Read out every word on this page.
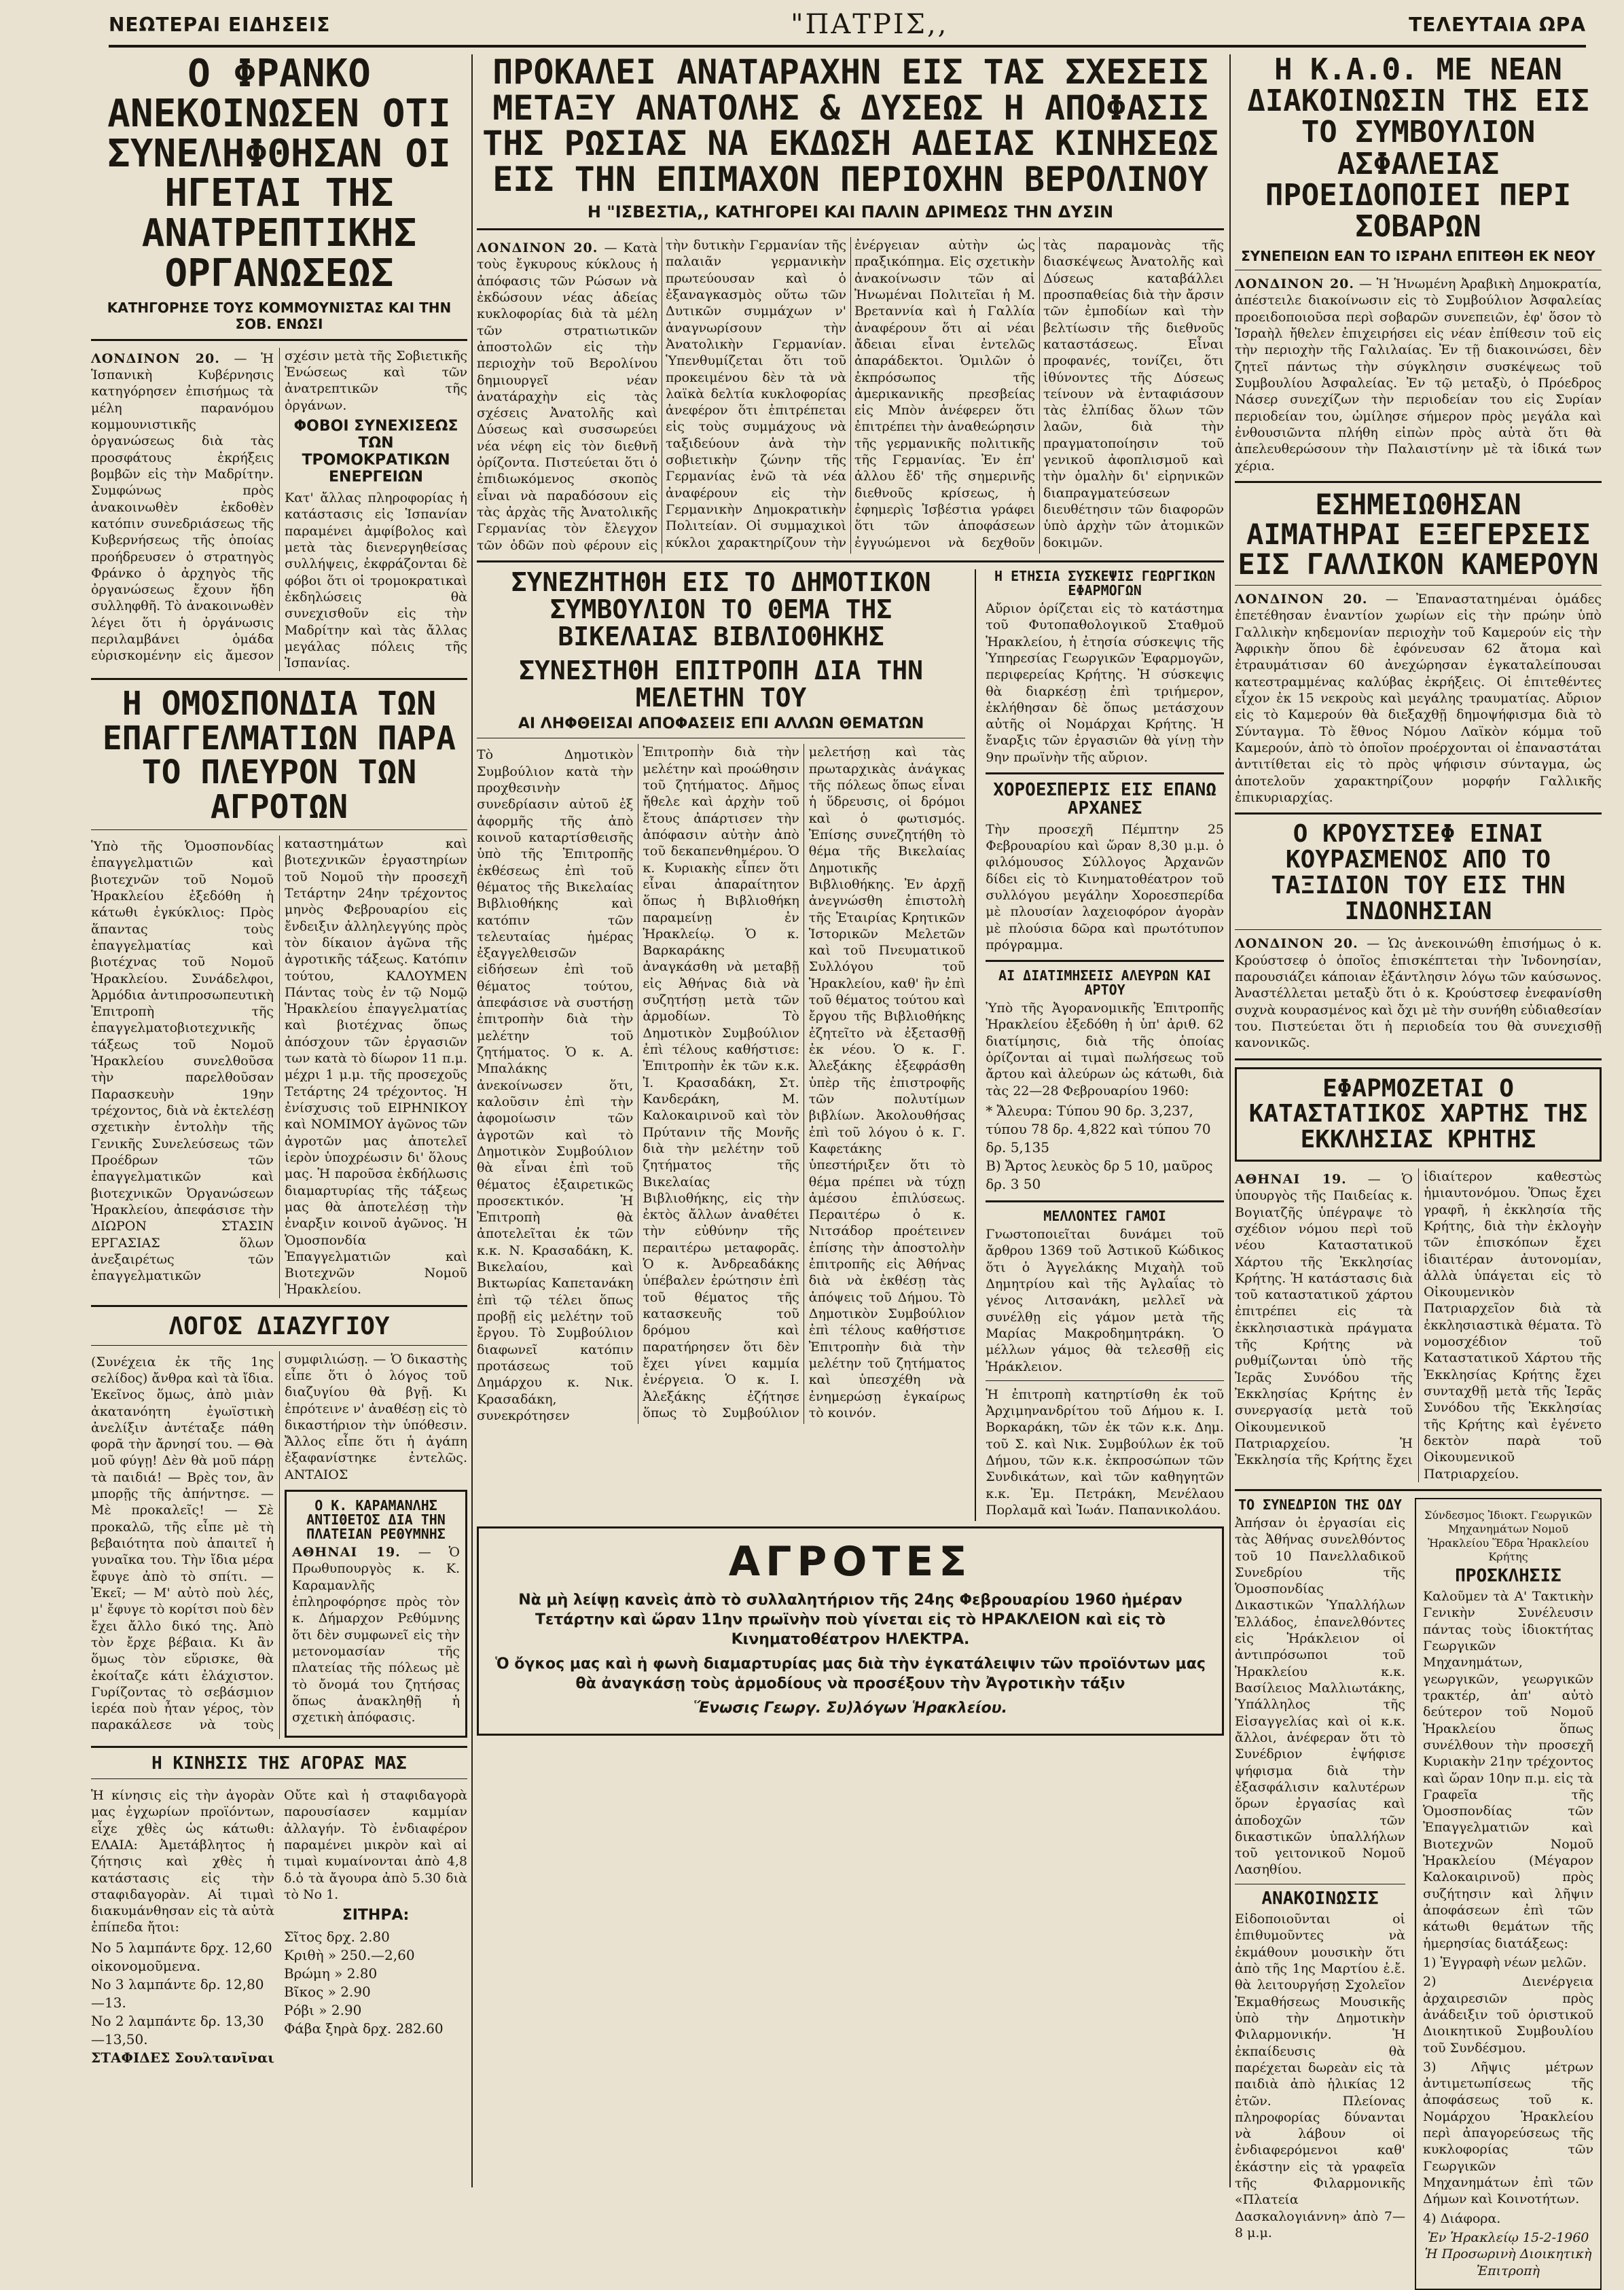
ΝΕΩΤΕΡΑΙ ΕΙΔΗΣΕΙΣ	"ΠΑΤΡΙΣ,,	ΤΕΛΕΥΤΑΙΑ ΩΡΑ
Ο ΦΡΑΝΚΟ ΑΝΕΚΟΙΝΩΣΕΝ ΟΤΙ ΣΥΝΕΛΗΦΘΗΣΑΝ ΟΙ ΗΓΕΤΑΙ ΤΗΣ ΑΝΑΤΡΕΠΤΙΚΗΣ ΟΡΓΑΝΩΣΕΩΣ
ΚΑΤΗΓΟΡΗΣΕ ΤΟΥΣ ΚΟΜΜΟΥΝΙΣΤΑΣ ΚΑΙ ΤΗΝ ΣΟΒ. ΕΝΩΣΙ

ΛΟΝΔΙΝΟΝ 20. — Ἡ Ἱσπανικὴ Κυβέρνησις κατηγόρησεν ἐπισήμως τὰ μέλη παρανόμου κομμουνιστικῆς ὀργανώσεως διὰ τὰς προσφάτους ἐκρήξεις βομβῶν εἰς τὴν Μαδρίτην. Συμφώνως πρὸς ἀνακοινωθὲν ἐκδοθὲν κατόπιν συνεδριάσεως τῆς Κυβερνήσεως τῆς ὁποίας προήδρευσεν ὁ στρατηγὸς Φράνκο ὁ ἀρχηγὸς τῆς ὀργανώσεως ἔχουν ἤδη συλληφθῆ. Τὸ ἀνακοινωθὲν λέγει ὅτι ἡ ὀργάνωσις περιλαμβάνει ὁμάδα εὑρισκομένην εἰς ἄμεσον σχέσιν μετὰ τῆς Σοβιετικῆς Ἑνώσεως καὶ τῶν ἀνατρεπτικῶν τῆς ὀργάνων.

ΦΟΒΟΙ ΣΥΝΕΧΙΣΕΩΣ ΤΩΝ ΤΡΟΜΟΚΡΑΤΙΚΩΝ ΕΝΕΡΓΕΙΩΝ

Κατ' ἄλλας πληροφορίας ἡ κατάστασις εἰς Ἱσπανίαν παραμένει ἀμφίβολος καὶ μετὰ τὰς διενεργηθείσας συλλήψεις, ἐκφράζονται δὲ φόβοι ὅτι οἱ τρομοκρατικαὶ ἐκδηλώσεις θὰ συνεχισθοῦν εἰς τὴν Μαδρίτην καὶ τὰς ἄλλας μεγάλας πόλεις τῆς Ἱσπανίας.

Η ΟΜΟΣΠΟΝΔΙΑ ΤΩΝ ΕΠΑΓΓΕΛΜΑΤΙΩΝ ΠΑΡΑ ΤΟ ΠΛΕΥΡΟΝ ΤΩΝ ΑΓΡΟΤΩΝ

Ὑπὸ τῆς Ὁμοσπονδίας ἐπαγγελματιῶν καὶ βιοτεχνῶν τοῦ Νομοῦ Ἡρακλείου ἐξεδόθη ἡ κάτωθι ἐγκύκλιος: Πρὸς ἅπαντας τοὺς ἐπαγγελματίας καὶ βιοτέχνας τοῦ Νομοῦ Ἡρακλείου. Συνάδελφοι, Ἁρμόδια ἀντιπροσωπευτικὴ Ἐπιτροπὴ τῆς ἐπαγγελματοβιοτεχνικῆς τάξεως τοῦ Νομοῦ Ἡρακλείου συνελθοῦσα τὴν παρελθοῦσαν Παρασκευὴν 19ην τρέχοντος, διὰ νὰ ἐκτελέσῃ σχετικὴν ἐντολὴν τῆς Γενικῆς Συνελεύσεως τῶν Προέδρων τῶν ἐπαγγελματικῶν καὶ βιοτεχνικῶν Ὀργανώσεων Ἡρακλείου, ἀπεφάσισε τὴν ΔΙΩΡΟΝ ΣΤΑΣΙΝ ΕΡΓΑΣΙΑΣ ὅλων ἀνεξαιρέτως τῶν ἐπαγγελματικῶν καταστημάτων καὶ βιοτεχνικῶν ἐργαστηρίων τοῦ Νομοῦ τὴν προσεχῆ Τετάρτην 24ην τρέχοντος μηνὸς Φεβρουαρίου εἰς ἔνδειξιν ἀλληλεγγύης πρὸς τὸν δίκαιον ἀγῶνα τῆς ἀγροτικῆς τάξεως. Κατόπιν τούτου, ΚΑΛΟΥΜΕΝ Πάντας τοὺς ἐν τῷ Νομῷ Ἡρακλείου ἐπαγγελματίας καὶ βιοτέχνας ὅπως ἀπόσχουν τῶν ἐργασιῶν των κατὰ τὸ δίωρον 11 π.μ. μέχρι 1 μ.μ. τῆς προσεχοῦς Τετάρτης 24 τρέχοντος. Ἡ ἐνίσχυσις τοῦ ΕΙΡΗΝΙΚΟΥ καὶ ΝΟΜΙΜΟΥ ἀγῶνος τῶν ἀγροτῶν μας ἀποτελεῖ ἱερὸν ὑποχρέωσιν δι' ὅλους μας. Ἡ παροῦσα ἐκδήλωσις διαμαρτυρίας τῆς τάξεως μας θὰ ἀποτελέσῃ τὴν ἐναρξιν κοινοῦ ἀγῶνος. Ἡ Ὁμοσπονδία Ἐπαγγελματιῶν καὶ Βιοτεχνῶν Νομοῦ Ἡρακλείου.

ΛΟΓΟΣ ΔΙΑΖΥΓΙΟΥ

(Συνέχεια ἐκ τῆς 1ης σελίδος) ἄνθρα καὶ τὰ ἴδια. Ἐκεῖνος ὅμως, ἀπὸ μιὰν ἀκατανόητη ἐγωϊστικὴ ἀνελίξιν ἀντέταξε πάθη φορᾶ τὴν ἄρνησί του. — Θὰ μοῦ φύγῃ! Δὲν θὰ μοῦ πάρῃ τὰ παιδιά! — Βρὲς τον, ἂν μπορῇς τῆς ἀπήντησε. — Μὲ προκαλεῖς! — Σὲ προκαλῶ, τῆς εἶπε μὲ τὴ βεβαιότητα ποὺ ἀπαιτεῖ ἡ γυναῖκα του. Τὴν ἴδια μέρα ἔφυγε ἀπὸ τὸ σπίτι. — Ἐκεῖ; — Μ' αὐτὸ ποὺ λές, μ' ἔφυγε τὸ κορίτσι ποὺ δὲν ἔχει ἄλλο δικό της. Ἀπὸ τὸν ἔρχε βέβαια. Κι ἂν ὅμως τὸν εὕρισκε, θὰ ἐκοίταζε κάτι ἐλάχιστον. Γυρίζοντας τὸ σεβάσμιον ἱερέα ποὺ ἦταν γέρος, τὸν παρακάλεσε νὰ τοὺς συμφιλιώσῃ. — Ὁ δικαστὴς εἶπε ὅτι ὁ λόγος τοῦ διαζυγίου θὰ βγῇ. Κι ἐπρότεινε ν' ἀναθέσῃ εἰς τὸ δικαστήριον τὴν ὑπόθεσιν. Ἄλλος εἶπε ὅτι ἡ ἀγάπη ἐξαφανίστηκε ἐντελῶς. ΑΝΤΑΙΟΣ

Ο Κ. ΚΑΡΑΜΑΝΛΗΣ ΑΝΤΙΘΕΤΟΣ ΔΙΑ ΤΗΝ ΠΛΑΤΕΙΑΝ ΡΕΘΥΜΝΗΣ

ΑΘΗΝΑΙ 19. — Ὁ Πρωθυπουργὸς κ. Κ. Καραμανλῆς ἐπληροφόρησε πρὸς τὸν κ. Δήμαρχον Ρεθύμνης ὅτι δὲν συμφωνεῖ εἰς τὴν μετονομασίαν τῆς πλατείας τῆς πόλεως μὲ τὸ ὄνομά του ζητήσας ὅπως ἀνακληθῇ ἡ σχετικὴ ἀπόφασις.

Η ΚΙΝΗΣΙΣ ΤΗΣ ΑΓΟΡΑΣ ΜΑΣ

Ἡ κίνησις εἰς τὴν ἀγορὰν μας ἐγχωρίων προϊόντων, εἶχε χθὲς ὡς κάτωθι: ΕΛΑΙΑ: Ἀμετάβλητος ἡ ζήτησις καὶ χθὲς ἡ κατάστασις εἰς τὴν σταφιδαγορὰν. Αἱ τιμαὶ διακυμάνθησαν εἰς τὰ αὐτὰ ἐπίπεδα ἤτοι:

Νο 5 λαμπάντε δρχ. 12,60 οἰκονομοῦμενα.

Νο 3 λαμπάντε δρ. 12,80 —13.

Νο 2 λαμπάντε δρ. 13,30 —13,50.

ΣΤΑΦΙΔΕΣ Σουλτανῖναι

Οὔτε καὶ ἡ σταφιδαγορὰ παρουσίασεν καμμίαν ἀλλαγήν. Τὸ ἐνδιαφέρον παραμένει μικρὸν καὶ αἱ τιμαὶ κυμαίνονται ἀπὸ 4,8 δ.ὁ τὰ ἄγουρα ἀπὸ 5.30 διὰ τὸ Νο 1.

ΣΙΤΗΡΑ:

Σῖτος δρχ. 2.80

Κριθὴ » 250.—2,60

Βρώμη » 2.80

Βῖκος » 2.90

Ρόβι » 2.90

Φάβα ξηρὰ δρχ. 282.60

ΠΡΟΚΑΛΕΙ ΑΝΑΤΑΡΑΧΗΝ ΕΙΣ ΤΑΣ ΣΧΕΣΕΙΣ ΜΕΤΑΞΥ ΑΝΑΤΟΛΗΣ & ΔΥΣΕΩΣ Η ΑΠΟΦΑΣΙΣ ΤΗΣ ΡΩΣΙΑΣ ΝΑ ΕΚΔΩΣΗ ΑΔΕΙΑΣ ΚΙΝΗΣΕΩΣ ΕΙΣ ΤΗΝ ΕΠΙΜΑΧΟΝ ΠΕΡΙΟΧΗΝ ΒΕΡΟΛΙΝΟΥ
Η "ΙΣΒΕΣΤΙΑ,, ΚΑΤΗΓΟΡΕΙ ΚΑΙ ΠΑΛΙΝ ΔΡΙΜΕΩΣ ΤΗΝ ΔΥΣΙΝ

ΛΟΝΔΙΝΟΝ 20. — Κατὰ τοὺς ἔγκυρους κύκλους ἡ ἀπόφασις τῶν Ρώσων νὰ ἐκδώσουν νέας ἀδείας κυκλοφορίας διὰ τὰ μέλη τῶν στρατιωτικῶν ἀποστολῶν εἰς τὴν περιοχὴν τοῦ Βερολίνου δημιουργεῖ νέαν ἀνατάραχὴν εἰς τὰς σχέσεις Ἀνατολῆς καὶ Δύσεως καὶ συσσωρεύει νέα νέφη εἰς τὸν διεθνῆ ὁρίζοντα. Πιστεύεται ὅτι ὁ ἐπιδιωκόμενος σκοπὸς εἶναι νὰ παραδόσουν εἰς τὰς ἀρχὰς τῆς Ἀνατολικῆς Γερμανίας τὸν ἔλεγχον τῶν ὁδῶν ποὺ φέρουν εἰς τὴν δυτικὴν Γερμανίαν τῆς παλαιᾶν γερμανικὴν πρωτεύουσαν καὶ ὁ ἐξαναγκασμὸς οὕτω τῶν Δυτικῶν συμμάχων ν' ἀναγνωρίσουν τὴν Ἀνατολικὴν Γερμανίαν. Ὑπενθυμίζεται ὅτι τοῦ προκειμένου δὲν τὰ νὰ λαϊκὰ δελτία κυκλοφορίας ἀνεφέρον ὅτι ἐπιτρέπεται εἰς τοὺς συμμάχους νὰ ταξιδεύουν ἀνὰ τὴν σοβιετικὴν ζώνην τῆς Γερμανίας ἐνῶ τὰ νέα ἀναφέρουν εἰς τὴν Γερμανικὴν Δημοκρατικὴν Πολιτείαν. Οἱ συμμαχικοὶ κύκλοι χαρακτηρίζουν τὴν ἐνέργειαν αὐτὴν ὡς πραξικόπημα. Εἰς σχετικὴν ἀνακοίνωσιν τῶν αἱ Ἡνωμέναι Πολιτεῖαι ἡ Μ. Βρεταννία καὶ ἡ Γαλλία ἀναφέρουν ὅτι αἱ νέαι ἄδειαι εἶναι ἐντελῶς ἀπαράδεκτοι. Ὁμιλῶν ὁ ἐκπρόσωπος τῆς ἀμερικανικῆς πρεσβείας εἰς Μπὸν ἀνέφερεν ὅτι ἐπιτρέπει τὴν ἀναθεώρησιν τῆς γερμανικῆς πολιτικῆς τῆς Γερμανίας. Ἐν ἐπ' ἀλλου ἔδ' τῆς σημερινῆς διεθνοῦς κρίσεως, ἡ ἐφημερὶς Ἰσβέστια γράφει ὅτι τῶν ἀποφάσεων ἐγγυώμενοι νὰ δεχθοῦν τὰς παραμονὰς τῆς διασκέψεως Ἀνατολῆς καὶ Δύσεως καταβάλλει προσπαθείας διὰ τὴν ἄρσιν τῶν ἐμποδίων καὶ τὴν βελτίωσιν τῆς διεθνοῦς καταστάσεως. Εἶναι προφανές, τονίζει, ὅτι ἰθύνοντες τῆς Δύσεως τείνουν νὰ ἐνταφιάσουν τὰς ἐλπίδας ὅλων τῶν λαῶν, διὰ τὴν πραγματοποίησιν τοῦ γενικοῦ ἀφοπλισμοῦ καὶ τὴν ὁμαλὴν δι' εἰρηνικῶν διαπραγματεύσεων διευθέτησιν τῶν διαφορῶν ὑπὸ ἀρχὴν τῶν ἀτομικῶν δοκιμῶν.

ΣΥΝΕΖΗΤΗΘΗ ΕΙΣ ΤΟ ΔΗΜΟΤΙΚΟΝ ΣΥΜΒΟΥΛΙΟΝ ΤΟ ΘΕΜΑ ΤΗΣ ΒΙΚΕΛΑΙΑΣ ΒΙΒΛΙΟΘΗΚΗΣ
ΣΥΝΕΣΤΗΘΗ ΕΠΙΤΡΟΠΗ ΔΙΑ ΤΗΝ ΜΕΛΕΤΗΝ ΤΟΥ
ΑΙ ΛΗΦΘΕΙΣΑΙ ΑΠΟΦΑΣΕΙΣ ΕΠΙ ΑΛΛΩΝ ΘΕΜΑΤΩΝ

Τὸ Δημοτικὸν Συμβούλιον κατὰ τὴν προχθεσινὴν συνεδρίασιν αὐτοῦ ἐξ ἀφορμῆς τῆς ἀπὸ κοινοῦ καταρτίσθεισῆς ὑπὸ τῆς Ἐπιτροπῆς ἐκθέσεως ἐπὶ τοῦ θέματος τῆς Βικελαίας Βιβλιοθήκης καὶ κατόπιν τῶν τελευταίας ἡμέρας ἐξαγγελθεισῶν εἰδήσεων ἐπὶ τοῦ θέματος τούτου, ἀπεφάσισε νὰ συστήσῃ ἐπιτροπὴν διὰ τὴν μελέτην τοῦ ζητήματος. Ὁ κ. Α. Μπαλάκης ἀνεκοίνωσεν ὅτι, καλοῦσιν ἐπὶ τὴν ἀφομοίωσιν τῶν ἀγροτῶν καὶ τὸ Δημοτικὸν Συμβούλιον θὰ εἶναι ἐπὶ τοῦ θέματος ἐξαιρετικῶς προσεκτικόν. Ἡ Ἐπιτροπὴ θὰ ἀποτελεῖται ἐκ τῶν κ.κ. Ν. Κρασαδάκη, Κ. Βικελαίου, καὶ Βικτωρίας Καπετανάκη ἐπὶ τῷ τέλει ὅπως προβῇ εἰς μελέτην τοῦ ἔργου. Τὸ Συμβούλιον διαφωνεῖ κατόπιν προτάσεως τοῦ Δημάρχου κ. Νικ. Κρασαδάκη, συνεκρότησεν Ἐπιτροπὴν διὰ τὴν μελέτην καὶ προώθησιν τοῦ ζητήματος. Δῆμος ἤθελε καὶ ἀρχὴν τοῦ ἔτους ἀπάρτισεν τὴν ἀπόφασιν αὐτὴν ἀπὸ τοῦ δεκαπενθημέρου. Ὁ κ. Κυριακὴς εἶπεν ὅτι εἶναι ἀπαραίτητον ὅπως ἡ Βιβλιοθήκη παραμείνῃ ἐν Ἡρακλείῳ. Ὁ κ. Βαρκαράκης ἀναγκάσθη νὰ μεταβῇ εἰς Ἀθήνας διὰ νὰ συζητήσῃ μετὰ τῶν ἁρμοδίων. Τὸ Δημοτικὸν Συμβούλιον ἐπὶ τέλους καθήστισε: Ἐπιτροπὴν ἐκ τῶν κ.κ. Ἰ. Κρασαδάκη, Στ. Κανδεράκη, Μ. Καλοκαιρινοῦ καὶ τὸν Πρύτανιν τῆς Μονῆς διὰ τὴν μελέτην τοῦ ζητήματος τῆς Βικελαίας Βιβλιοθήκης, εἰς τὴν ἐκτὸς ἄλλων ἀναθέτει τὴν εὐθύνην τῆς περαιτέρω μεταφορᾶς. Ὁ κ. Ἀνδρεαδάκης ὑπέβαλεν ἐρώτησιν ἐπὶ τοῦ θέματος τῆς κατασκευῆς τοῦ δρόμου καὶ παρατήρησεν ὅτι δὲν ἔχει γίνει καμμία ἐνέργεια. Ὁ κ. Ι. Ἀλεξάκης ἐζήτησε ὅπως τὸ Συμβούλιον μελετήσῃ καὶ τὰς πρωταρχικὰς ἀνάγκας τῆς πόλεως ὅπως εἶναι ἡ ὕδρευσις, οἱ δρόμοι καὶ ὁ φωτισμός. Ἐπίσης συνεζητήθη τὸ θέμα τῆς Βικελαίας Δημοτικῆς Βιβλιοθήκης. Ἐν ἀρχῇ ἀνεγνώσθη ἐπιστολὴ τῆς Ἑταιρίας Κρητικῶν Ἱστορικῶν Μελετῶν καὶ τοῦ Πνευματικοῦ Συλλόγου τοῦ Ἡρακλείου, καθ' ἣν ἐπὶ τοῦ θέματος τούτου καὶ ἔργου τῆς Βιβλιοθήκης ἐζητεῖτο νὰ ἐξετασθῇ ἐκ νέου. Ὁ κ. Γ. Ἀλεξάκης ἐξεφράσθη ὑπὲρ τῆς ἐπιστροφῆς τῶν πολυτίμων βιβλίων. Ἀκολουθήσας ἐπὶ τοῦ λόγου ὁ κ. Γ. Καφετάκης ὑπεστήριξεν ὅτι τὸ θέμα πρέπει νὰ τύχῃ ἀμέσου ἐπιλύσεως. Περαιτέρω ὁ κ. Νιτσάδορ προέτεινεν ἐπίσης τὴν ἀποστολὴν ἐπιτροπῆς εἰς Ἀθήνας διὰ νὰ ἐκθέσῃ τὰς ἀπόψεις τοῦ Δήμου. Τὸ Δημοτικὸν Συμβούλιον ἐπὶ τέλους καθήστισε Ἐπιτροπὴν διὰ τὴν μελέτην τοῦ ζητήματος καὶ ὑπεσχέθη νὰ ἐνημερώσῃ ἐγκαίρως τὸ κοινόν.

Η ΕΤΗΣΙΑ ΣΥΣΚΕΨΙΣ ΓΕΩΡΓΙΚΩΝ ΕΦΑΡΜΟΓΩΝ

Αὔριον ὁρίζεται εἰς τὸ κατάστημα τοῦ Φυτοπαθολογικοῦ Σταθμοῦ Ἡρακλείου, ἡ ἐτησία σύσκεψις τῆς Ὑπηρεσίας Γεωργικῶν Ἐφαρμογῶν, περιφερείας Κρήτης. Ἡ σύσκεψις θὰ διαρκέσῃ ἐπὶ τριήμερον, ἐκλήθησαν δὲ ὅπως μετάσχουν αὐτῆς οἱ Νομάρχαι Κρήτης. Ἡ ἔναρξις τῶν ἐργασιῶν θὰ γίνῃ τὴν 9ην πρωϊνὴν τῆς αὔριον.

ΧΟΡΟΕΣΠΕΡΙΣ ΕΙΣ ΕΠΑΝΩ ΑΡΧΑΝΕΣ

Τὴν προσεχῆ Πέμπτην 25 Φεβρουαρίου καὶ ὥραν 8,30 μ.μ. ὁ φιλόμουσος Σύλλογος Ἀρχανῶν δίδει εἰς τὸ Κινηματοθέατρον τοῦ συλλόγου μεγάλην Χοροεσπερίδα μὲ πλουσίαν λαχειοφόρον ἀγορὰν μὲ πλούσια δῶρα καὶ πρωτότυπον πρόγραμμα.

ΑΙ ΔΙΑΤΙΜΗΣΕΙΣ ΑΛΕΥΡΩΝ ΚΑΙ ΑΡΤΟΥ

Ὑπὸ τῆς Ἀγορανομικῆς Ἐπιτροπῆς Ἡρακλείου ἐξεδόθη ἡ ὑπ' ἀριθ. 62 διατίμησις, διὰ τῆς ὁποίας ὁρίζονται αἱ τιμαὶ πωλήσεως τοῦ ἄρτου καὶ ἀλεύρων ὡς κάτωθι, διὰ τὰς 22—28 Φεβρουαρίου 1960:

* Ἄλευρα: Τύπου 90 δρ. 3,237, τύπου 78 δρ. 4,822 καὶ τύπου 70 δρ. 5,135

Β) Ἄρτος λευκὸς δρ 5 10, μαῦρος δρ. 3 50

ΜΕΛΛΟΝΤΕΣ ΓΑΜΟΙ

Γνωστοποιεῖται δυνάμει τοῦ ἄρθρου 1369 τοῦ Ἀστικοῦ Κώδικος ὅτι ὁ Ἀγγελάκης Μιχαὴλ τοῦ Δημητρίου καὶ τῆς Ἀγλαΐας τὸ γένος Λιτσανάκη, μελλεῖ νὰ συνέλθῃ εἰς γάμον μετὰ τῆς Μαρίας Μακροδημητράκη. Ὁ μέλλων γάμος θὰ τελεσθῇ εἰς Ἡράκλειον.

Ἡ ἐπιτροπὴ κατηρτίσθη ἐκ τοῦ Ἀρχιμηνανδρίτου τοῦ Δήμου κ. Ι. Βορκαράκη, τῶν ἐκ τῶν κ.κ. Δημ. τοῦ Σ. καὶ Νικ. Συμβούλων ἐκ τοῦ Δήμου, τῶν κ.κ. ἐκπροσώπων τῶν Συνδικάτων, καὶ τῶν καθηγητῶν κ.κ. Ἐμ. Πετράκη, Μενέλαου Πορλαμᾶ καὶ Ἰωάν. Παπανικολάου.

ΑΓΡΟΤΕΣ

Νὰ μὴ λείψῃ κανεὶς ἀπὸ τὸ συλλαλητήριον τῆς 24ης Φεβρουαρίου 1960 ἡμέραν Τετάρτην καὶ ὥραν 11ην πρωϊνὴν ποὺ γίνεται εἰς τὸ ΗΡΑΚΛΕΙΟΝ καὶ εἰς τὸ Κινηματοθέατρον ΗΛΕΚΤΡΑ.

Ὁ ὄγκος μας καὶ ἡ φωνὴ διαμαρτυρίας μας διὰ τὴν ἐγκατάλειψιν τῶν προϊόντων μας θὰ ἀναγκάσῃ τοὺς ἁρμοδίους νὰ προσέξουν τὴν Ἀγροτικὴν τάξιν

Ἕνωσις Γεωργ. Συ)λόγων Ἡρακλείου.

Η Κ.Α.Θ. ΜΕ ΝΕΑΝ ΔΙΑΚΟΙΝΩΣΙΝ ΤΗΣ ΕΙΣ ΤΟ ΣΥΜΒΟΥΛΙΟΝ ΑΣΦΑΛΕΙΑΣ ΠΡΟΕΙΔΟΠΟΙΕΙ ΠΕΡΙ ΣΟΒΑΡΩΝ
ΣΥΝΕΠΕΙΩΝ ΕΑΝ ΤΟ ΙΣΡΑΗΛ ΕΠΙΤΕΘΗ ΕΚ ΝΕΟΥ

ΛΟΝΔΙΝΟΝ 20. — Ἡ Ἡνωμένη Ἀραβικὴ Δημοκρατία, ἀπέστειλε διακοίνωσιν εἰς τὸ Συμβούλιον Ἀσφαλείας προειδοποιοῦσα περὶ σοβαρῶν συνεπειῶν, ἐφ' ὅσον τὸ Ἰσραὴλ ἤθελεν ἐπιχειρήσει εἰς νέαν ἐπίθεσιν τοῦ εἰς τὴν περιοχὴν τῆς Γαλιλαίας. Ἐν τῇ διακοινώσει, δὲν ζητεῖ πάντως τὴν σύγκλησιν συσκέψεως τοῦ Συμβουλίου Ἀσφαλείας. Ἐν τῷ μεταξὺ, ὁ Πρόεδρος Νάσερ συνεχίζων τὴν περιοδείαν του εἰς Συρίαν περιοδείαν του, ὡμίλησε σήμερον πρὸς μεγάλα καὶ ἐνθουσιῶντα πλήθη εἰπὼν πρὸς αὐτὰ ὅτι θὰ ἀπελευθερώσουν τὴν Παλαιστίνην μὲ τὰ ἰδικά των χέρια.

ΕΣΗΜΕΙΩΘΗΣΑΝ ΑΙΜΑΤΗΡΑΙ ΕΞΕΓΕΡΣΕΙΣ ΕΙΣ ΓΑΛΛΙΚΟΝ ΚΑΜΕΡΟΥΝ

ΛΟΝΔΙΝΟΝ 20. — Ἐπαναστατημέναι ὁμάδες ἐπετέθησαν ἐναντίον χωρίων εἰς τὴν πρώην ὑπὸ Γαλλικὴν κηδεμονίαν περιοχὴν τοῦ Καμερούν εἰς τὴν Ἀφρικὴν ὅπου δὲ ἐφόνευσαν 62 ἄτομα καὶ ἐτραυμάτισαν 60 ἀνεχώρησαν ἐγκαταλείπουσαι κατεστραμμένας καλύβας ἐκρήξεις. Οἱ ἐπιτεθέντες εἶχον ἐκ 15 νεκροὺς καὶ μεγάλης τραυματίας. Αὔριον εἰς τὸ Καμερούν θὰ διεξαχθῇ δημοψήφισμα διὰ τὸ Σύνταγμα. Τὸ ἔθνος Νόμου Λαϊκὸν κόμμα τοῦ Καμερούν, ἀπὸ τὸ ὁποῖον προέρχονται οἱ ἐπαναστάται ἀντιτίθεται εἰς τὸ πρὸς ψήφισιν σύνταγμα, ὡς ἀποτελοῦν χαρακτηρίζουν μορφήν Γαλλικῆς ἐπικυριαρχίας.

Ο ΚΡΟΥΣΤΣΕΦ ΕΙΝΑΙ ΚΟΥΡΑΣΜΕΝΟΣ ΑΠΟ ΤΟ ΤΑΞΙΔΙΟΝ ΤΟΥ ΕΙΣ ΤΗΝ ΙΝΔΟΝΗΣΙΑΝ

ΛΟΝΔΙΝΟΝ 20. — Ὡς ἀνεκοινώθη ἐπισήμως ὁ κ. Κρούστσεφ ὁ ὁποῖος ἐπισκέπτεται τὴν Ἰνδονησίαν, παρουσιάζει κάποιαν ἐξάντλησιν λόγω τῶν καύσωνος. Ἀναστέλλεται μεταξὺ ὅτι ὁ κ. Κρούστσεφ ἐνεφανίσθη συχνὰ κουρασμένος καὶ ὄχι μὲ τὴν συνήθη εὐδιαθεσίαν του. Πιστεύεται ὅτι ἡ περιοδεία του θὰ συνεχισθῇ κανονικῶς.

ΕΦΑΡΜΟΖΕΤΑΙ Ο ΚΑΤΑΣΤΑΤΙΚΟΣ ΧΑΡΤΗΣ ΤΗΣ ΕΚΚΛΗΣΙΑΣ ΚΡΗΤΗΣ

ΑΘΗΝΑΙ 19. — Ὁ ὑπουργὸς τῆς Παιδείας κ. Βογιατζῆς ὑπέγραψε τὸ σχέδιον νόμου περὶ τοῦ νέου Καταστατικοῦ Χάρτου τῆς Ἐκκλησίας Κρήτης. Ἡ κατάστασις διὰ τοῦ καταστατικοῦ χάρτου ἐπιτρέπει εἰς τὰ ἐκκλησιαστικὰ πράγματα τῆς Κρήτης νὰ ρυθμίζωνται ὑπὸ τῆς Ἱερᾶς Συνόδου τῆς Ἐκκλησίας Κρήτης ἐν συνεργασίᾳ μετὰ τοῦ Οἰκουμενικοῦ Πατριαρχείου. Ἡ Ἐκκλησία τῆς Κρήτης ἔχει ἰδιαίτερον καθεστὼς ἡμιαυτονόμου. Ὅπως ἔχει γραφῆ, ἡ ἐκκλησία τῆς Κρήτης, διὰ τὴν ἐκλογὴν τῶν ἐπισκόπων ἔχει ἰδιαιτέραν ἀυτονομίαν, ἀλλὰ ὑπάγεται εἰς τὸ Οἰκουμενικὸν Πατριαρχεῖον διὰ τὰ ἐκκλησιαστικὰ θέματα. Τὸ νομοσχέδιον τοῦ Καταστατικοῦ Χάρτου τῆς Ἐκκλησίας Κρήτης ἔχει συνταχθῇ μετὰ τῆς Ἱερᾶς Συνόδου τῆς Ἐκκλησίας τῆς Κρήτης καὶ ἐγένετο δεκτὸν παρὰ τοῦ Οἰκουμενικοῦ Πατριαρχείου.

ΤΟ ΣΥΝΕΔΡΙΟΝ ΤΗΣ ΟΔΥ

Ἀπήσαν ὁι ἐργασίαι εἰς τὰς Ἀθήνας συνελθόντος τοῦ 10 Πανελλαδικοῦ Συνεδρίου τῆς Ὁμοσπονδίας Δικαστικῶν Ὑπαλλήλων Ἑλλάδος, ἐπανελθόντες εἰς Ἡράκλειον οἱ ἀντιπρόσωποι τοῦ Ἡρακλείου κ.κ. Βασίλειος Μαλλιωτάκης, Ὑπάλληλος τῆς Εἰσαγγελίας καὶ οἱ κ.κ. ἄλλοι, ἀνέφεραν ὅτι τὸ Συνέδριον ἐψήφισε ψήφισμα διὰ τὴν ἐξασφάλισιν καλυτέρων ὅρων ἐργασίας καὶ ἀποδοχῶν τῶν δικαστικῶν ὑπαλλήλων τοῦ γειτονικοῦ Νομοῦ Λασηθίου.

ΑΝΑΚΟΙΝΩΣΙΣ

Εἰδοποιοῦνται οἱ ἐπιθυμοῦντες νὰ ἐκμάθουν μουσικὴν ὅτι ἀπὸ τῆς 1ης Μαρτίου ἐ.ἔ. θὰ λειτουργήσῃ Σχολεῖον Ἐκμαθήσεως Μουσικῆς ὑπὸ τὴν Δημοτικὴν Φιλαρμονικήν. Ἡ ἐκπαίδευσις θὰ παρέχεται δωρεὰν εἰς τὰ παιδιὰ ἀπὸ ἡλικίας 12 ἐτῶν. Πλείονας πληροφορίας δύνανται νὰ λάβουν οἱ ἐνδιαφερόμενοι καθ' ἑκάστην εἰς τὰ γραφεῖα τῆς Φιλαρμονικῆς «Πλατεία Δασκαλογιάννη» ἀπὸ 7—8 μ.μ.

Σύνδεσμος Ἰδιοκτ. Γεωργικῶν Μηχανημάτων Νομοῦ Ἡρακλείου Ἕδρα Ἡρακλείου Κρήτης

ΠΡΟΣΚΛΗΣΙΣ

Καλοῦμεν τὰ Α' Τακτικὴν Γενικὴν Συνέλευσιν πάντας τοὺς ἰδιοκτήτας Γεωργικῶν Μηχανημάτων, γεωργικῶν, γεωργικῶν τρακτέρ, ἀπ' αὐτὸ δεύτερον τοῦ Νομοῦ Ἡρακλείου ὅπως συνέλθουν τὴν προσεχῆ Κυριακὴν 21ην τρέχοντος καὶ ὥραν 10ην π.μ. εἰς τὰ Γραφεῖα τῆς Ὁμοσπονδίας τῶν Ἐπαγγελματιῶν καὶ Βιοτεχνῶν Νομοῦ Ἡρακλείου (Μέγαρον Καλοκαιρινοῦ) πρὸς συζήτησιν καὶ λῆψιν ἀποφάσεων ἐπὶ τῶν κάτωθι θεμάτων τῆς ἡμερησίας διατάξεως:

1) Ἐγγραφὴ νέων μελῶν.

2) Διενέργεια ἀρχαιρεσιῶν πρὸς ἀνάδειξιν τοῦ ὁριστικοῦ Διοικητικοῦ Συμβουλίου τοῦ Συνδέσμου.

3) Λῆψις μέτρων ἀντιμετωπίσεως τῆς ἀποφάσεως τοῦ κ. Νομάρχου Ἡρακλείου περὶ ἀπαγορεύσεως τῆς κυκλοφορίας τῶν Γεωργικῶν Μηχανημάτων ἐπὶ τῶν Δήμων καὶ Κοινοτήτων.

4) Διάφορα.

Ἐν Ἡρακλείῳ 15-2-1960 Ἡ Προσωρινὴ Διοικητικὴ Ἐπιτροπὴ
